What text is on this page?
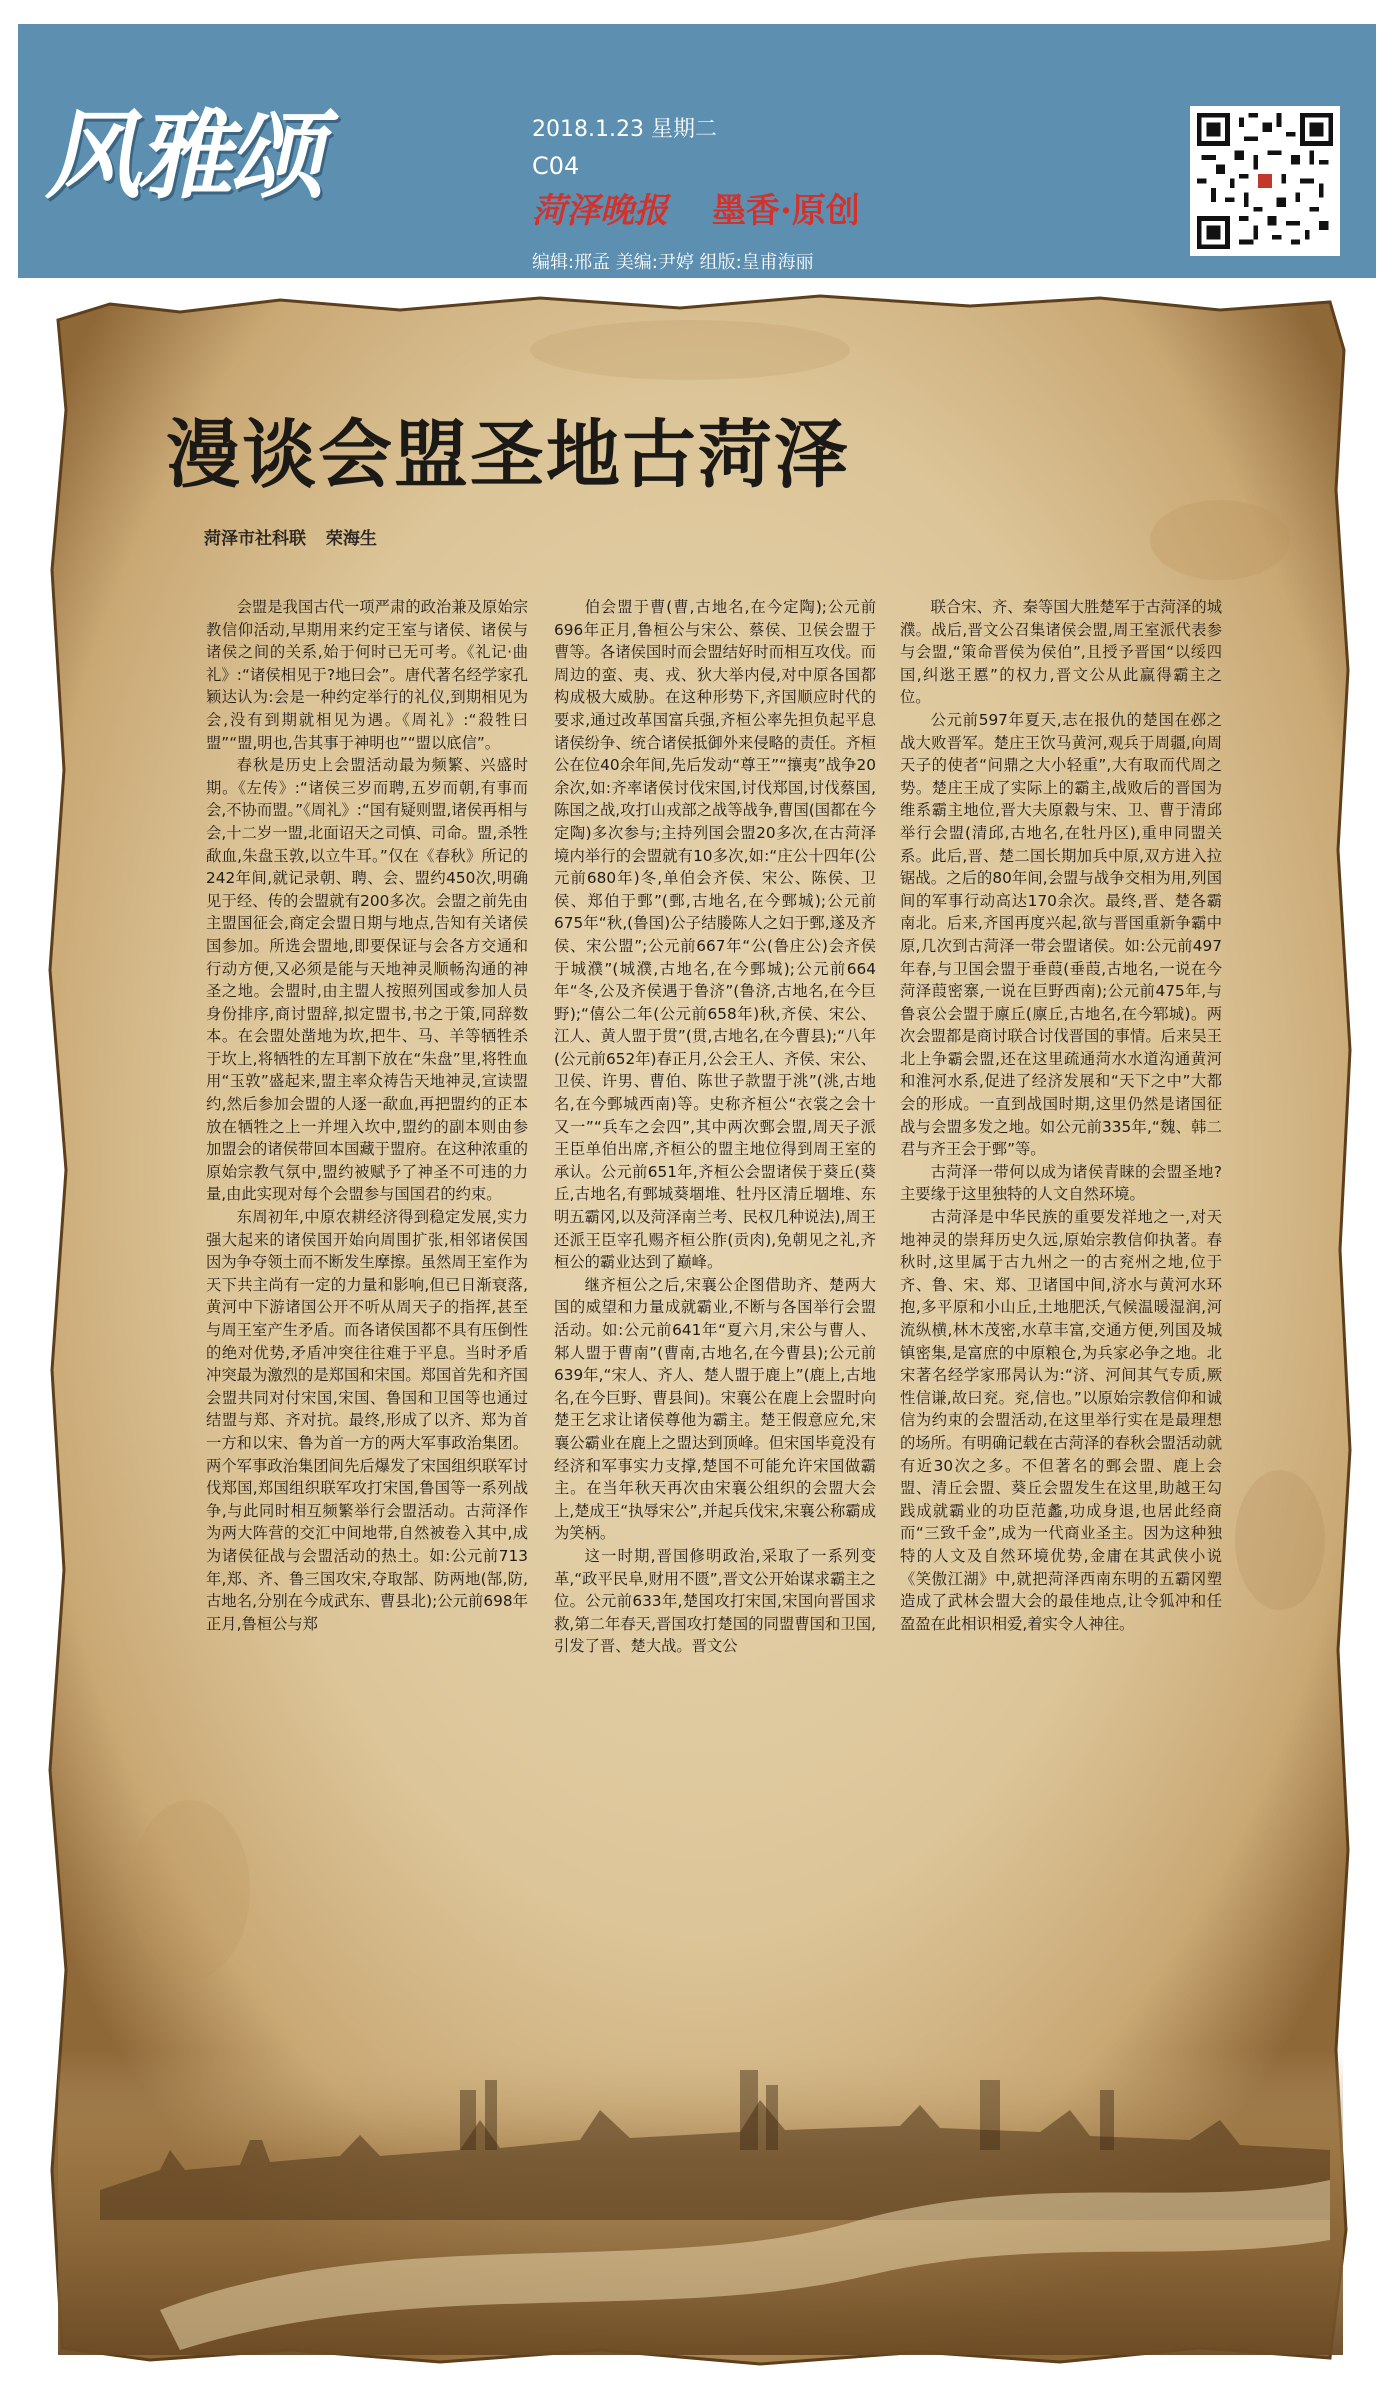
风雅颂	2018.1.23 星期二
C04
菏泽晚报 墨香·原创
编辑:邢孟 美编:尹婷 组版:皇甫海丽
漫谈会盟圣地古菏泽
菏泽市社科联 荣海生

会盟是我国古代一项严肃的政治兼及原始宗教信仰活动,早期用来约定王室与诸侯、诸侯与诸侯之间的关系,始于何时已无可考。《礼记·曲礼》:“诸侯相见于?地曰会”。唐代著名经学家孔颖达认为:会是一种约定举行的礼仪,到期相见为会,没有到期就相见为遇。《周礼》:“殺牲曰盟”“盟,明也,告其事于神明也”“盟以底信”。

春秋是历史上会盟活动最为频繁、兴盛时期。《左传》:“诸侯三岁而聘,五岁而朝,有事而会,不协而盟。”《周礼》:“国有疑则盟,诸侯再相与会,十二岁一盟,北面诏天之司慎、司命。盟,杀牲歃血,朱盘玉敦,以立牛耳。”仅在《春秋》所记的242年间,就记录朝、聘、会、盟约450次,明确见于经、传的会盟就有200多次。会盟之前先由主盟国征会,商定会盟日期与地点,告知有关诸侯国参加。所选会盟地,即要保证与会各方交通和行动方便,又必须是能与天地神灵顺畅沟通的神圣之地。会盟时,由主盟人按照列国或参加人员身份排序,商讨盟辞,拟定盟书,书之于策,同辞数本。在会盟处凿地为坎,把牛、马、羊等牺牲杀于坎上,将牺牲的左耳割下放在“朱盘”里,将牲血用“玉敦”盛起来,盟主率众祷告天地神灵,宣读盟约,然后参加会盟的人逐一歃血,再把盟约的正本放在牺牲之上一并埋入坎中,盟约的副本则由参加盟会的诸侯带回本国藏于盟府。在这种浓重的原始宗教气氛中,盟约被赋予了神圣不可违的力量,由此实现对每个会盟参与国国君的约束。

东周初年,中原农耕经济得到稳定发展,实力强大起来的诸侯国开始向周围扩张,相邻诸侯国因为争夺领土而不断发生摩擦。虽然周王室作为天下共主尚有一定的力量和影响,但已日渐衰落,黄河中下游诸国公开不听从周天子的指挥,甚至与周王室产生矛盾。而各诸侯国都不具有压倒性的绝对优势,矛盾冲突往往难于平息。当时矛盾冲突最为激烈的是郑国和宋国。郑国首先和齐国会盟共同对付宋国,宋国、鲁国和卫国等也通过结盟与郑、齐对抗。最终,形成了以齐、郑为首一方和以宋、鲁为首一方的两大军事政治集团。两个军事政治集团间先后爆发了宋国组织联军讨伐郑国,郑国组织联军攻打宋国,鲁国等一系列战争,与此同时相互频繁举行会盟活动。古菏泽作为两大阵营的交汇中间地带,自然被卷入其中,成为诸侯征战与会盟活动的热土。如:公元前713年,郑、齐、鲁三国攻宋,夺取郜、防两地(郜,防,古地名,分别在今成武东、曹县北);公元前698年正月,鲁桓公与郑

伯会盟于曹(曹,古地名,在今定陶);公元前696年正月,鲁桓公与宋公、蔡侯、卫侯会盟于曹等。各诸侯国时而会盟结好时而相互攻伐。而周边的蛮、夷、戎、狄大举内侵,对中原各国都构成极大威胁。在这种形势下,齐国顺应时代的要求,通过改革国富兵强,齐桓公率先担负起平息诸侯纷争、统合诸侯抵御外来侵略的责任。齐桓公在位40余年间,先后发动“尊王”“攘夷”战争20余次,如:齐率诸侯讨伐宋国,讨伐郑国,讨伐蔡国,陈国之战,攻打山戎部之战等战争,曹国(国都在今定陶)多次参与;主持列国会盟20多次,在古菏泽境内举行的会盟就有10多次,如:“庄公十四年(公元前680年)冬,单伯会齐侯、宋公、陈侯、卫侯、郑伯于鄄”(鄄,古地名,在今鄄城);公元前675年“秋,(鲁国)公子结媵陈人之妇于鄄,遂及齐侯、宋公盟”;公元前667年“公(鲁庄公)会齐侯于城濮”(城濮,古地名,在今鄄城);公元前664年“冬,公及齐侯遇于鲁济”(鲁济,古地名,在今巨野);“僖公二年(公元前658年)秋,齐侯、宋公、江人、黄人盟于贯”(贯,古地名,在今曹县);“八年(公元前652年)春正月,公会王人、齐侯、宋公、卫侯、许男、曹伯、陈世子款盟于洮”(洮,古地名,在今鄄城西南)等。史称齐桓公“衣裳之会十又一”“兵车之会四”,其中两次鄄会盟,周天子派王臣单伯出席,齐桓公的盟主地位得到周王室的承认。公元前651年,齐桓公会盟诸侯于葵丘(葵丘,古地名,有鄄城葵堌堆、牡丹区清丘堌堆、东明五霸冈,以及菏泽南兰考、民权几种说法),周王还派王臣宰孔赐齐桓公胙(贡肉),免朝见之礼,齐桓公的霸业达到了巅峰。

继齐桓公之后,宋襄公企图借助齐、楚两大国的威望和力量成就霸业,不断与各国举行会盟活动。如:公元前641年“夏六月,宋公与曹人、邾人盟于曹南”(曹南,古地名,在今曹县);公元前639年,“宋人、齐人、楚人盟于鹿上”(鹿上,古地名,在今巨野、曹县间)。宋襄公在鹿上会盟时向楚王乞求让诸侯尊他为霸主。楚王假意应允,宋襄公霸业在鹿上之盟达到顶峰。但宋国毕竟没有经济和军事实力支撑,楚国不可能允许宋国做霸主。在当年秋天再次由宋襄公组织的会盟大会上,楚成王“执辱宋公”,并起兵伐宋,宋襄公称霸成为笑柄。

这一时期,晋国修明政治,采取了一系列变革,“政平民阜,财用不匮”,晋文公开始谋求霸主之位。公元前633年,楚国攻打宋国,宋国向晋国求救,第二年春天,晋国攻打楚国的同盟曹国和卫国,引发了晋、楚大战。晋文公

联合宋、齐、秦等国大胜楚军于古菏泽的城濮。战后,晋文公召集诸侯会盟,周王室派代表参与会盟,“策命晋侯为侯伯”,且授予晋国“以绥四国,纠逖王慝”的权力,晋文公从此赢得霸主之位。

公元前597年夏天,志在报仇的楚国在邲之战大败晋军。楚庄王饮马黄河,观兵于周疆,向周天子的使者“问鼎之大小轻重”,大有取而代周之势。楚庄王成了实际上的霸主,战败后的晋国为维系霸主地位,晋大夫原縠与宋、卫、曹于清邱举行会盟(清邱,古地名,在牡丹区),重申同盟关系。此后,晋、楚二国长期加兵中原,双方进入拉锯战。之后的80年间,会盟与战争交相为用,列国间的军事行动高达170余次。最终,晋、楚各霸南北。后来,齐国再度兴起,欲与晋国重新争霸中原,几次到古菏泽一带会盟诸侯。如:公元前497年春,与卫国会盟于垂葭(垂葭,古地名,一说在今菏泽葭密寨,一说在巨野西南);公元前475年,与鲁哀公会盟于廪丘(廪丘,古地名,在今郓城)。两次会盟都是商讨联合讨伐晋国的事情。后来吴王北上争霸会盟,还在这里疏通菏水水道沟通黄河和淮河水系,促进了经济发展和“天下之中”大都会的形成。一直到战国时期,这里仍然是诸国征战与会盟多发之地。如公元前335年,“魏、韩二君与齐王会于鄄”等。

古菏泽一带何以成为诸侯青睐的会盟圣地?主要缘于这里独特的人文自然环境。

古菏泽是中华民族的重要发祥地之一,对天地神灵的崇拜历史久远,原始宗教信仰执著。春秋时,这里属于古九州之一的古兖州之地,位于齐、鲁、宋、郑、卫诸国中间,济水与黄河水环抱,多平原和小山丘,土地肥沃,气候温暖湿润,河流纵横,林木茂密,水草丰富,交通方便,列国及城镇密集,是富庶的中原粮仓,为兵家必争之地。北宋著名经学家邢昺认为:“济、河间其气专质,厥性信谦,故曰兖。兖,信也。”以原始宗教信仰和诚信为约束的会盟活动,在这里举行实在是最理想的场所。有明确记载在古菏泽的春秋会盟活动就有近30次之多。不但著名的鄄会盟、鹿上会盟、清丘会盟、葵丘会盟发生在这里,助越王勾践成就霸业的功臣范蠡,功成身退,也居此经商而“三致千金”,成为一代商业圣主。因为这种独特的人文及自然环境优势,金庸在其武侠小说《笑傲江湖》中,就把菏泽西南东明的五霸冈塑造成了武林会盟大会的最佳地点,让令狐冲和任盈盈在此相识相爱,着实令人神往。
